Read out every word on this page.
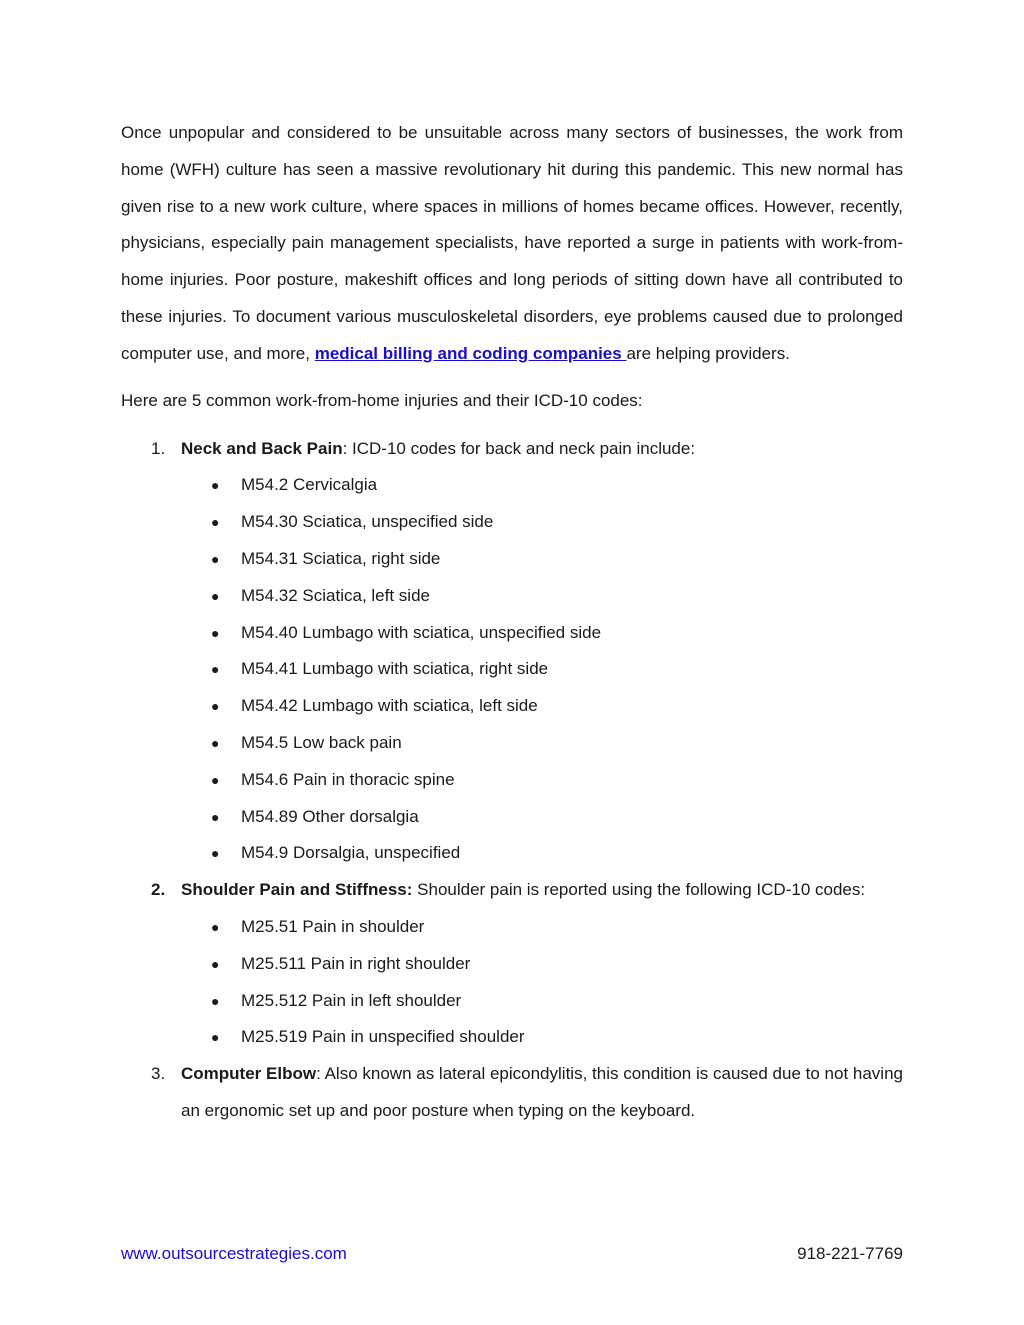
Once unpopular and considered to be unsuitable across many sectors of businesses, the work from home (WFH) culture has seen a massive revolutionary hit during this pandemic. This new normal has given rise to a new work culture, where spaces in millions of homes became offices. However, recently, physicians, especially pain management specialists, have reported a surge in patients with work-from-home injuries. Poor posture, makeshift offices and long periods of sitting down have all contributed to these injuries. To document various musculoskeletal disorders, eye problems caused due to prolonged computer use, and more, medical billing and coding companies are helping providers.

Here are 5 common work-from-home injuries and their ICD-10 codes:

1. Neck and Back Pain: ICD-10 codes for back and neck pain include:
● M54.2 Cervicalgia
● M54.30 Sciatica, unspecified side
● M54.31 Sciatica, right side
● M54.32 Sciatica, left side
● M54.40 Lumbago with sciatica, unspecified side
● M54.41 Lumbago with sciatica, right side
● M54.42 Lumbago with sciatica, left side
● M54.5 Low back pain
● M54.6 Pain in thoracic spine
● M54.89 Other dorsalgia
● M54.9 Dorsalgia, unspecified
2. Shoulder Pain and Stiffness: Shoulder pain is reported using the following ICD-10 codes:
● M25.51 Pain in shoulder
● M25.511 Pain in right shoulder
● M25.512 Pain in left shoulder
● M25.519 Pain in unspecified shoulder
3. Computer Elbow: Also known as lateral epicondylitis, this condition is caused due to not having an ergonomic set up and poor posture when typing on the keyboard.
www.outsourcestrategies.com	918-221-7769
